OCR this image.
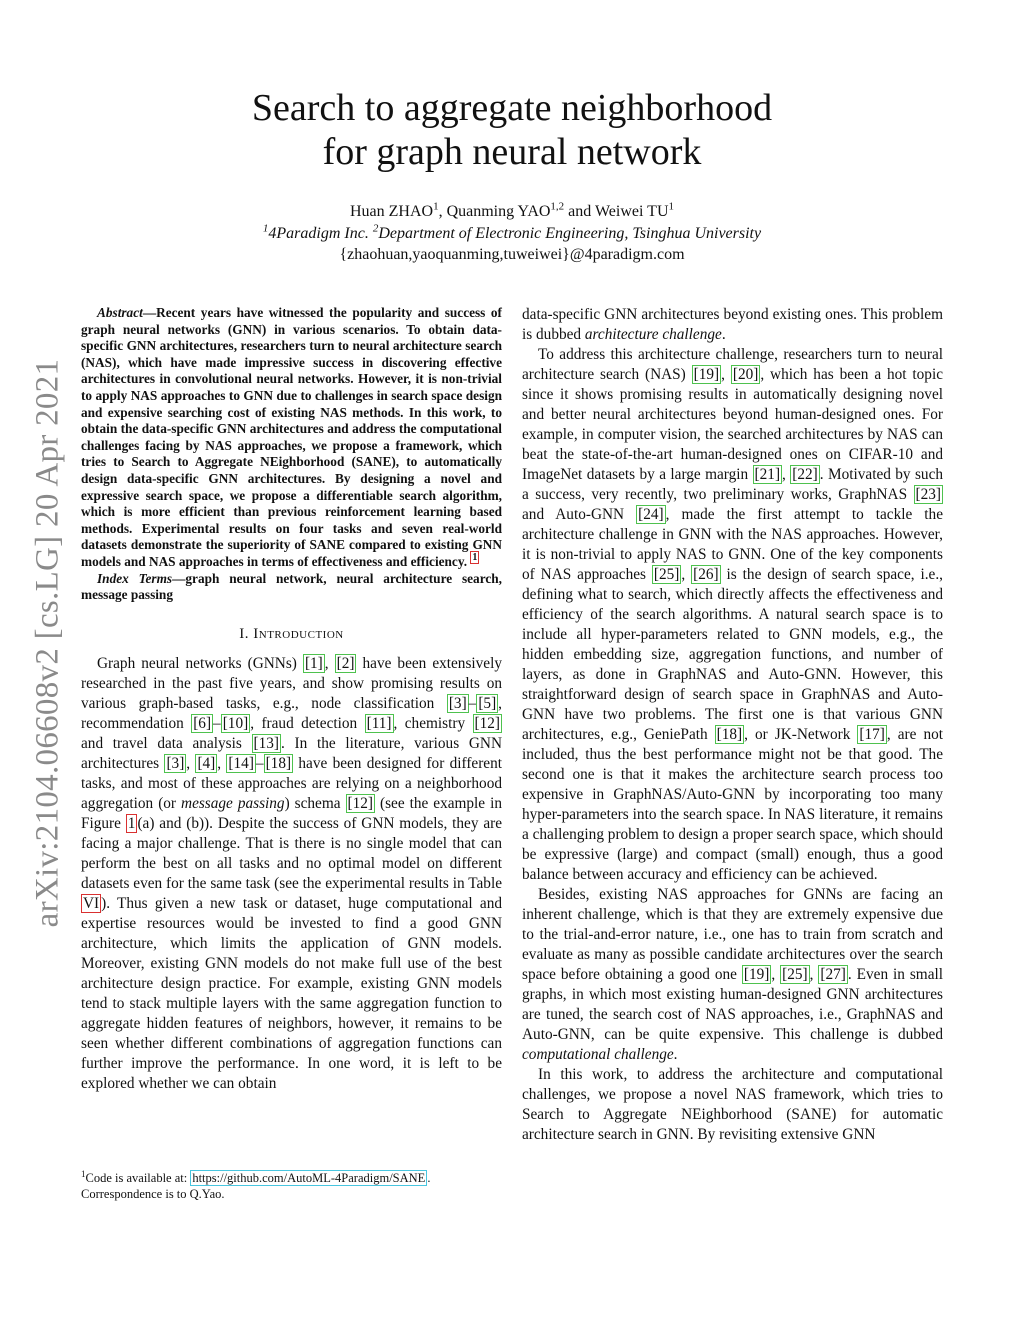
arXiv:2104.06608v2 [cs.LG] 20 Apr 2021
Search to aggregate neighborhood
for graph neural network

Huan ZHAO$^1$, Quanming YAO$^{1,2}$ and Weiwei $TU^1$

$^1$4Paradigm Inc. $^2$Department of Electronic Engineering, Tsinghua University

{zhaohuan,yaoquanming,tuweiwei}@4paradigm.com

Abstract—Recent years have witnessed the popularity and success of graph neural networks (GNN) in various scenarios. To obtain data-specific GNN architectures, researchers turn to neural architecture search (NAS), which have made impressive success in discovering effective architectures in convolutional neural networks. However, it is non-trivial to apply NAS approaches to GNN due to challenges in search space design and expensive searching cost of existing NAS methods. In this work, to obtain the data-specific GNN architectures and address the computational challenges facing by NAS approaches, we propose a framework, which tries to Search to Aggregate NEighborhood (SANE), to automatically design data-specific GNN architectures. By designing a novel and expressive search space, we propose a differentiable search algorithm, which is more efficient than previous reinforcement learning based methods. Experimental results on four tasks and seven real-world datasets demonstrate the superiority of SANE compared to existing GNN models and NAS approaches in terms of effectiveness and efficiency. $^1$

Index Terms—graph neural network, neural architecture search, message passing

I. Introduction

Graph neural networks (GNNs) [1] , [2] have been extensively researched in the past five years, and show promising results on various graph-based tasks, e.g., node classification [3] – [5] , recommendation [6] – [10] , fraud detection [11] , chemistry [12] and travel data analysis [13] . In the literature, various GNN architectures [3] , [4] , [14] – [18] have been designed for different tasks, and most of these approaches are relying on a neighborhood aggregation (or message passing) schema [12] (see the example in Figure 1 (a) and (b)). Despite the success of GNN models, they are facing a major challenge. That is there is no single model that can perform the best on all tasks and no optimal model on different datasets even for the same task (see the experimental results in Table VI ). Thus given a new task or dataset, huge computational and expertise resources would be invested to find a good GNN architecture, which limits the application of GNN models. Moreover, existing GNN models do not make full use of the best architecture design practice. For example, existing GNN models tend to stack multiple layers with the same aggregation function to aggregate hidden features of neighbors, however, it remains to be seen whether different combinations of aggregation functions can further improve the performance. In one word, it is left to be explored whether we can obtain

data-specific GNN architectures beyond existing ones. This problem is dubbed architecture challenge.

To address this architecture challenge, researchers turn to neural architecture search (NAS) [19] , [20] , which has been a hot topic since it shows promising results in automatically designing novel and better neural architectures beyond human-designed ones. For example, in computer vision, the searched architectures by NAS can beat the state-of-the-art human-designed ones on CIFAR-10 and ImageNet datasets by a large margin [21] , [22] . Motivated by such a success, very recently, two preliminary works, GraphNAS [23] and Auto-GNN [24] , made the first attempt to tackle the architecture challenge in GNN with the NAS approaches. However, it is non-trivial to apply NAS to GNN. One of the key components of NAS approaches [25] , [26] is the design of search space, i.e., defining what to search, which directly affects the effectiveness and efficiency of the search algorithms. A natural search space is to include all hyper-parameters related to GNN models, e.g., the hidden embedding size, aggregation functions, and number of layers, as done in GraphNAS and Auto-GNN. However, this straightforward design of search space in GraphNAS and Auto-GNN have two problems. The first one is that various GNN architectures, e.g., GeniePath [18] , or JK-Network [17] , are not included, thus the best performance might not be that good. The second one is that it makes the architecture search process too expensive in GraphNAS/Auto-GNN by incorporating too many hyper-parameters into the search space. In NAS literature, it remains a challenging problem to design a proper search space, which should be expressive (large) and compact (small) enough, thus a good balance between accuracy and efficiency can be achieved.

Besides, existing NAS approaches for GNNs are facing an inherent challenge, which is that they are extremely expensive due to the trial-and-error nature, i.e., one has to train from scratch and evaluate as many as possible candidate architectures over the search space before obtaining a good one [19] , [25] , [27] . Even in small graphs, in which most existing human-designed GNN architectures are tuned, the search cost of NAS approaches, i.e., GraphNAS and Auto-GNN, can be quite expensive. This challenge is dubbed computational challenge.

In this work, to address the architecture and computational challenges, we propose a novel NAS framework, which tries to Search to Aggregate NEighborhood (SANE) for automatic architecture search in GNN. By revisiting extensive GNN

$^1$Code is available at: https://github.com/AutoML-4Paradigm/SANE .

Correspondence is to Q.Yao.
